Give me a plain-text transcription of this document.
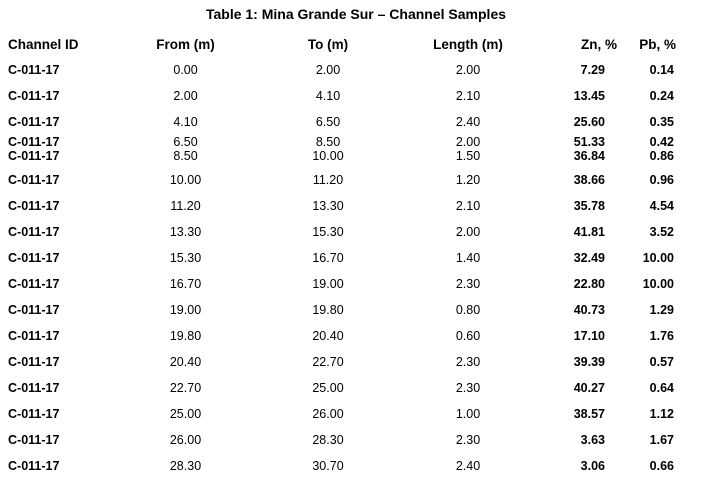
Table 1: Mina Grande Sur – Channel Samples
Channel ID	From (m)	To (m)	Length (m)	Zn, %	Pb, %
C-011-17	0.00	2.00	2.00	7.29	0.14
C-011-17	2.00	4.10	2.10	13.45	0.24
C-011-17	4.10	6.50	2.40	25.60	0.35
C-011-17	6.50	8.50	2.00	51.33	0.42
C-011-17	8.50	10.00	1.50	36.84	0.86
C-011-17	10.00	11.20	1.20	38.66	0.96
C-011-17	11.20	13.30	2.10	35.78	4.54
C-011-17	13.30	15.30	2.00	41.81	3.52
C-011-17	15.30	16.70	1.40	32.49	10.00
C-011-17	16.70	19.00	2.30	22.80	10.00
C-011-17	19.00	19.80	0.80	40.73	1.29
C-011-17	19.80	20.40	0.60	17.10	1.76
C-011-17	20.40	22.70	2.30	39.39	0.57
C-011-17	22.70	25.00	2.30	40.27	0.64
C-011-17	25.00	26.00	1.00	38.57	1.12
C-011-17	26.00	28.30	2.30	3.63	1.67
C-011-17	28.30	30.70	2.40	3.06	0.66
